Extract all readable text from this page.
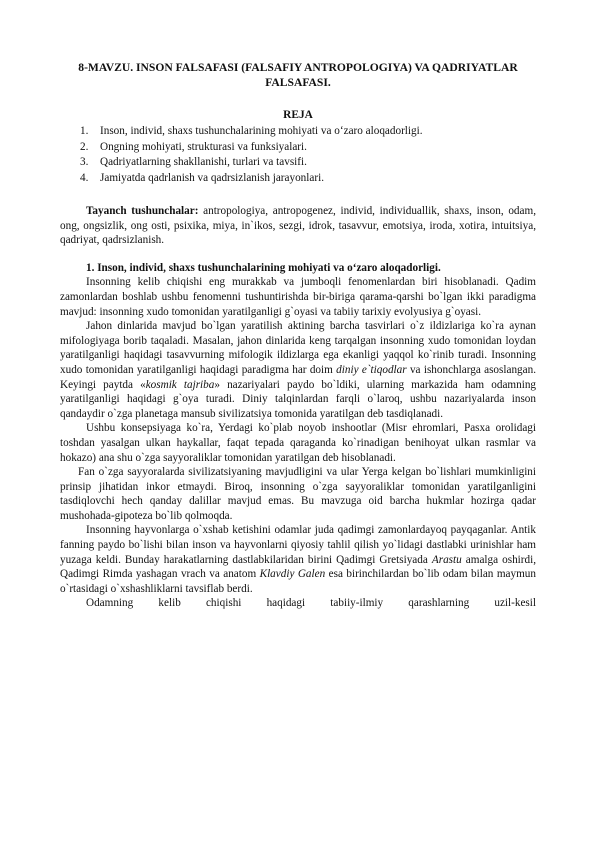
8-MAVZU. INSON FALSAFASI (FALSAFIY ANTROPOLOGIYA) VA QADRIYATLAR FALSAFASI.
REJA
1. Inson, individ, shaxs tushunchalarining mohiyati va o‘zaro aloqadorligi.
2. Ongning mohiyati, strukturasi va funksiyalari.
3. Qadriyatlarning shakllanishi, turlari va tavsifi.
4. Jamiyatda qadrlanish va qadrsizlanish jarayonlari.

Tayanch tushunchalar: antropologiya, antropogenez, individ, individuallik, shaxs, inson, odam, ong, ongsizlik, ong osti, psixika, miya, in`ikos, sezgi, idrok, tasavvur, emotsiya, iroda, xotira, intuitsiya, qadriyat, qadrsizlanish.

1. Inson, individ, shaxs tushunchalarining mohiyati va o‘zaro aloqadorligi.

Insonning kelib chiqishi eng murakkab va jumboqli fenomenlardan biri hisoblanadi. Qadim zamonlardan boshlab ushbu fenomenni tushuntirishda bir-biriga qarama-qarshi bo`lgan ikki paradigma mavjud: insonning xudo tomonidan yaratilganligi g`oyasi va tabiiy tarixiy evolyusiya g`oyasi.

Jahon dinlarida mavjud bo`lgan yaratilish aktining barcha tasvirlari o`z ildizlariga ko`ra aynan mifologiyaga borib taqaladi. Masalan, jahon dinlarida keng tarqalgan insonning xudo tomonidan loydan yaratilganligi haqidagi tasavvurning mifologik ildizlarga ega ekanligi yaqqol ko`rinib turadi. Insonning xudo tomonidan yaratilganligi haqidagi paradigma har doim diniy e`tiqodlar va ishonchlarga asoslangan. Keyingi paytda «kosmik tajriba» nazariyalari paydo bo`ldiki, ularning markazida ham odamning yaratilganligi haqidagi g`oya turadi. Diniy talqinlardan farqli o`laroq, ushbu nazariyalarda inson qandaydir o`zga planetaga mansub sivilizatsiya tomonida yaratilgan deb tasdiqlanadi.

Ushbu konsepsiyaga ko`ra, Yerdagi ko`plab noyob inshootlar (Misr ehromlari, Pasxa orolidagi toshdan yasalgan ulkan haykallar, faqat tepada qaraganda ko`rinadigan benihoyat ulkan rasmlar va hokazo) ana shu o`zga sayyoraliklar tomonidan yaratilgan deb hisoblanadi.

Fan o`zga sayyoralarda sivilizatsiyaning mavjudligini va ular Yerga kelgan bo`lishlari mumkinligini prinsip jihatidan inkor etmaydi. Biroq, insonning o`zga sayyoraliklar tomonidan yaratilganligini tasdiqlovchi hech qanday dalillar mavjud emas. Bu mavzuga oid barcha hukmlar hozirga qadar mushohada-gipoteza bo`lib qolmoqda.

Insonning hayvonlarga o`xshab ketishini odamlar juda qadimgi zamonlardayoq payqaganlar. Antik fanning paydo bo`lishi bilan inson va hayvonlarni qiyosiy tahlil qilish yo`lidagi dastlabki urinishlar ham yuzaga keldi. Bunday harakatlarning dastlabkilaridan birini Qadimgi Gretsiyada Arastu amalga oshirdi, Qadimgi Rimda yashagan vrach va anatom Klavdiy Galen esa birinchilardan bo`lib odam bilan maymun o`rtasidagi o`xshashliklarni tavsiflab berdi.

Odamning kelib chiqishi haqidagi tabiiy-ilmiy qarashlarning uzil-kesil
